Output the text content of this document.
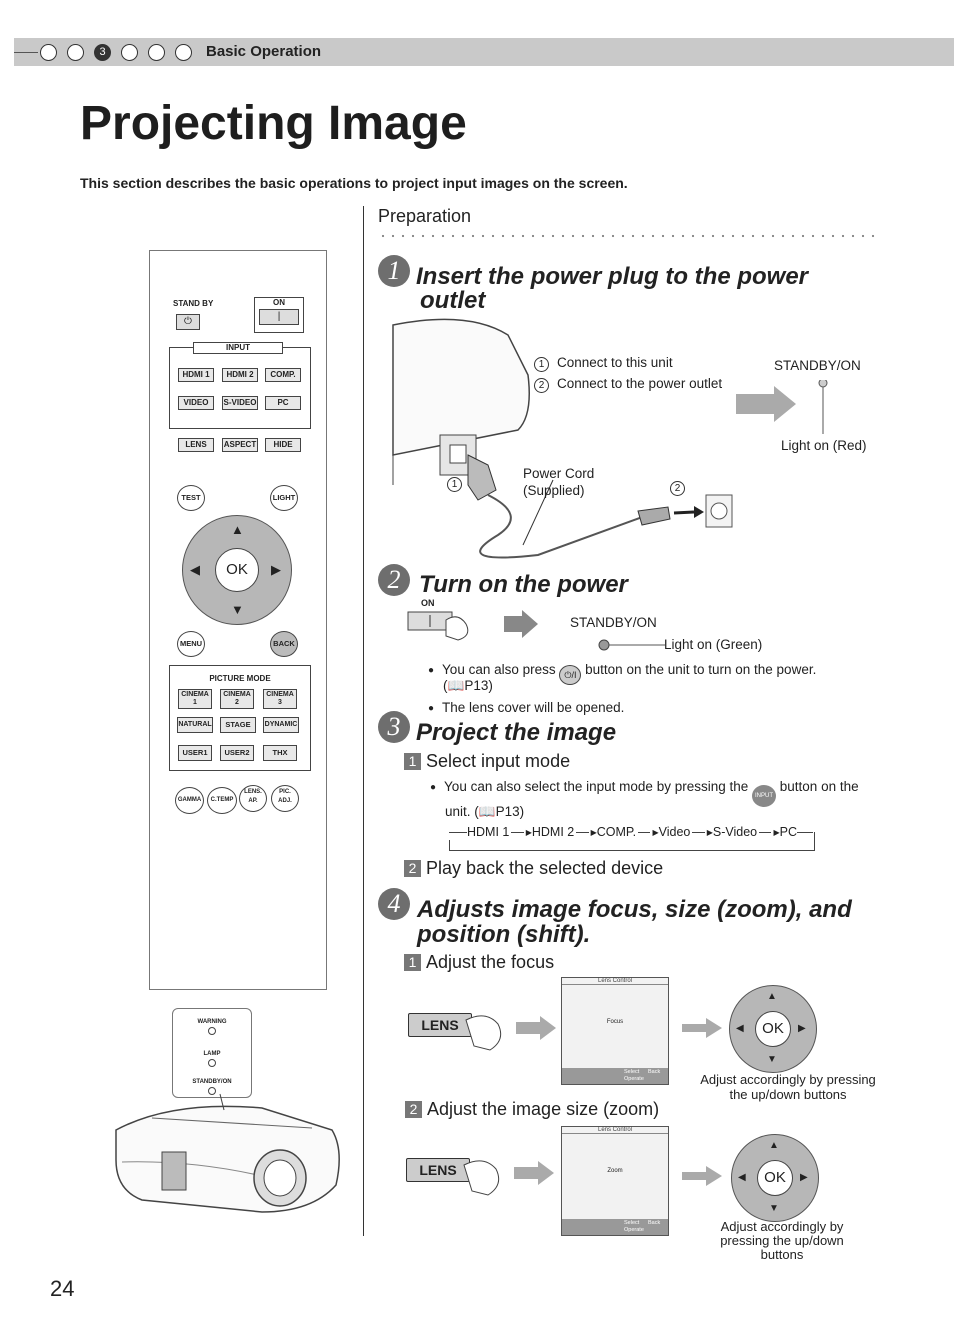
3	Basic Operation
Projecting Image
This section describes the basic operations to project input images on the screen.
Preparation
STAND BY
⏻
ON
|
INPUT
HDMI 1	HDMI 2	COMP.
VIDEO	S-VIDEO	PC
LENS	ASPECT	HIDE
TEST	LIGHT
▲
▼
◀	▶
OK
MENU	BACK
PICTURE MODE
CINEMA 1
CINEMA 2
CINEMA 3
NATURAL	STAGE	DYNAMIC
USER1	USER2	THX
GAMMA	C.TEMP
LENS. AP.
PIC. ADJ.
WARNING
LAMP
STANDBY/ON
1 Insert the power plug to the power
outlet
1 Connect to this unit
2 Connect to the power outlet
STANDBY/ON
Light on (Red)
Power Cord
(Supplied)
1	2
2 Turn on the power
ON
STANDBY/ON
Light on (Green)
● You can also press ⏻/I button on the unit to turn on the power.
(📖P13)
● The lens cover will be opened.
3 Project the image
1 Select input mode
● You can also select the input mode by pressing the INPUT button on the
unit. (📖P13)
HDMI 1 ▶ HDMI 2 ▶ COMP. ▶ Video ▶ S-Video ▶ PC
2 Play back the selected device
4 Adjusts image focus, size (zoom), and
position (shift).
1 Adjust the focus
LENS
Lens Control
Focus
Select
Operate
Back
▲
▼
◀	▶
OK
Adjust accordingly by pressing
the up/down buttons
2 Adjust the image size (zoom)
LENS
Lens Control
Zoom
Select
Operate
Back
▲
▼
◀	▶
OK
Adjust accordingly by
pressing the up/down
buttons
24
